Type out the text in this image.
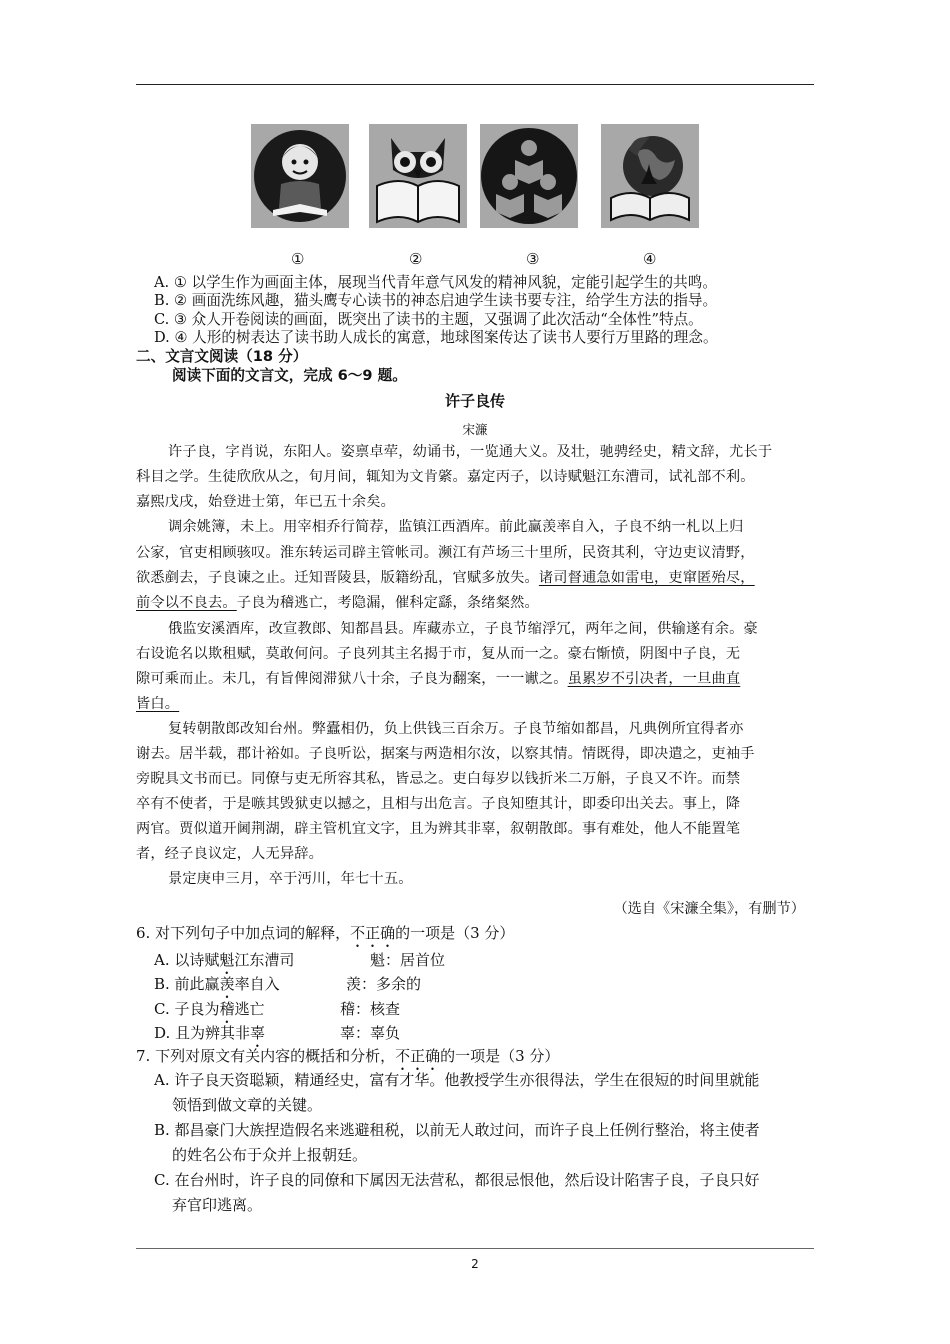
①	②	③	④
A. ① 以学生作为画面主体，展现当代青年意气风发的精神风貌，定能引起学生的共鸣。
B. ② 画面洗练风趣，猫头鹰专心读书的神态启迪学生读书要专注，给学生方法的指导。
C. ③ 众人开卷阅读的画面，既突出了读书的主题，又强调了此次活动“全体性”特点。
D. ④ 人形的树表达了读书助人成长的寓意，地球图案传达了读书人要行万里路的理念。
二、文言文阅读（18 分）
阅读下面的文言文，完成 6～9 题。
许子良传
宋濂
许子良，字肖说，东阳人。姿禀卓荦，幼诵书，一览通大义。及壮，驰骋经史，精文辞，尤长于
科目之学。生徒欣欣从之，旬月间，辄知为文肯綮。嘉定丙子，以诗赋魁江东漕司，试礼部不利。
嘉熙戊戌，始登进士第，年已五十余矣。
调余姚簿，未上。用宰相乔行简荐，监镇江西酒库。前此赢羡率自入，子良不纳一札以上归
公家，官吏相顾骇叹。淮东转运司辟主管帐司。濒江有芦场三十里所，民资其利，守边吏议清野，
欲悉剷去，子良谏之止。迁知晋陵县，版籍纷乱，官赋多放失。诸司督逋急如雷电，吏窜匿殆尽，
前令以不良去。子良为稽逃亡，考隐漏，催科定繇，条绪粲然。
俄监安溪酒库，改宣教郎、知都昌县。库藏赤立，子良节缩浮冗，两年之间，供输遂有余。豪
右设诡名以欺租赋，莫敢何问。子良列其主名揭于市，复从而一之。豪右惭愤，阴图中子良，无
隙可乘而止。未几，有旨俾阅滞狱八十余，子良为翻案，一一谳之。虽累岁不引决者，一旦曲直
皆白。
复转朝散郎改知台州。弊蠹相仍，负上供钱三百余万。子良节缩如都昌，凡典例所宜得者亦
谢去。居半载，郡计裕如。子良听讼，据案与两造相尔汝，以察其情。情既得，即决遣之，吏袖手
旁睨具文书而已。同僚与吏无所容其私，皆忌之。吏白每岁以钱折米二万斛，子良又不许。而禁
卒有不使者，于是嗾其毁狱吏以撼之，且相与出危言。子良知堕其计，即委印出关去。事上，降
两官。贾似道开阃荆湖，辟主管机宜文字，且为辨其非辜，叙朝散郎。事有难处，他人不能置笔
者，经子良议定，人无异辞。
景定庚申三月，卒于沔川，年七十五。
（选自《宋濂全集》，有删节）
6. 对下列句子中加点词的解释，不正确的一项是（3 分）
A. 以诗赋魁江东漕司	魁：居首位
B. 前此赢羡率自入	羡：多余的
C. 子良为稽逃亡	稽：核查
D. 且为辨其非辜	辜：辜负
7. 下列对原文有关内容的概括和分析，不正确的一项是（3 分）
A. 许子良天资聪颖，精通经史，富有才华。他教授学生亦很得法，学生在很短的时间里就能
领悟到做文章的关键。
B. 都昌豪门大族捏造假名来逃避租税，以前无人敢过问，而许子良上任例行整治，将主使者
的姓名公布于众并上报朝廷。
C. 在台州时，许子良的同僚和下属因无法营私，都很忌恨他，然后设计陷害子良，子良只好
弃官印逃离。
2
